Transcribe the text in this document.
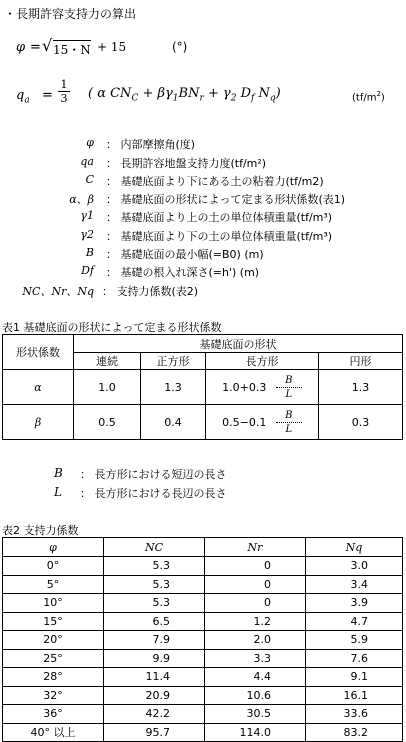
・長期許容支持力の算出
φ = √ 15・N + 15	(°)
$q_a = \frac{1}{3}$ ( α $CN_C + \beta\gamma_1BN_r + \gamma_2$ $D_f$ $N_q$)	$(tf/m^2)$
φ ： 内部摩擦角(度)
qa ： 長期許容地盤支持力度(tf/m²)
C ： 基礎底面より下にある土の粘着力(tf/m2)
α、β ： 基礎底面の形状によって定まる形状係数(表1)
γ1 ： 基礎底面より上の土の単位体積重量(tf/m³)
γ2 ： 基礎底面より下の土の単位体積重量(tf/m³)
B ： 基礎底面の最小幅(=B0) (m)
Df ： 基礎の根入れ深さ(=h') (m)
NC、Nr、Nq ： 支持力係数(表2)
表1 基礎底面の形状によって定まる形状係数
形状係数	基礎底面の形状			
	連続	正方形	長方形	円形
α	1.0	1.3	$1.0+0.3 \frac{B}{L}$	1.3
β	0.5	0.4	$0.5-0.1 \frac{B}{L}$	0.3
B ： 長方形における短辺の長さ
L ： 長方形における長辺の長さ
表2 支持力係数
φ	NC	Nr	Nq
0°	5.3	0	3.0
5°	5.3	0	3.4
10°	5.3	0	3.9
15°	6.5	1.2	4.7
20°	7.9	2.0	5.9
25°	9.9	3.3	7.6
28°	11.4	4.4	9.1
32°	20.9	10.6	16.1
36°	42.2	30.5	33.6
40° 以上	95.7	114.0	83.2
